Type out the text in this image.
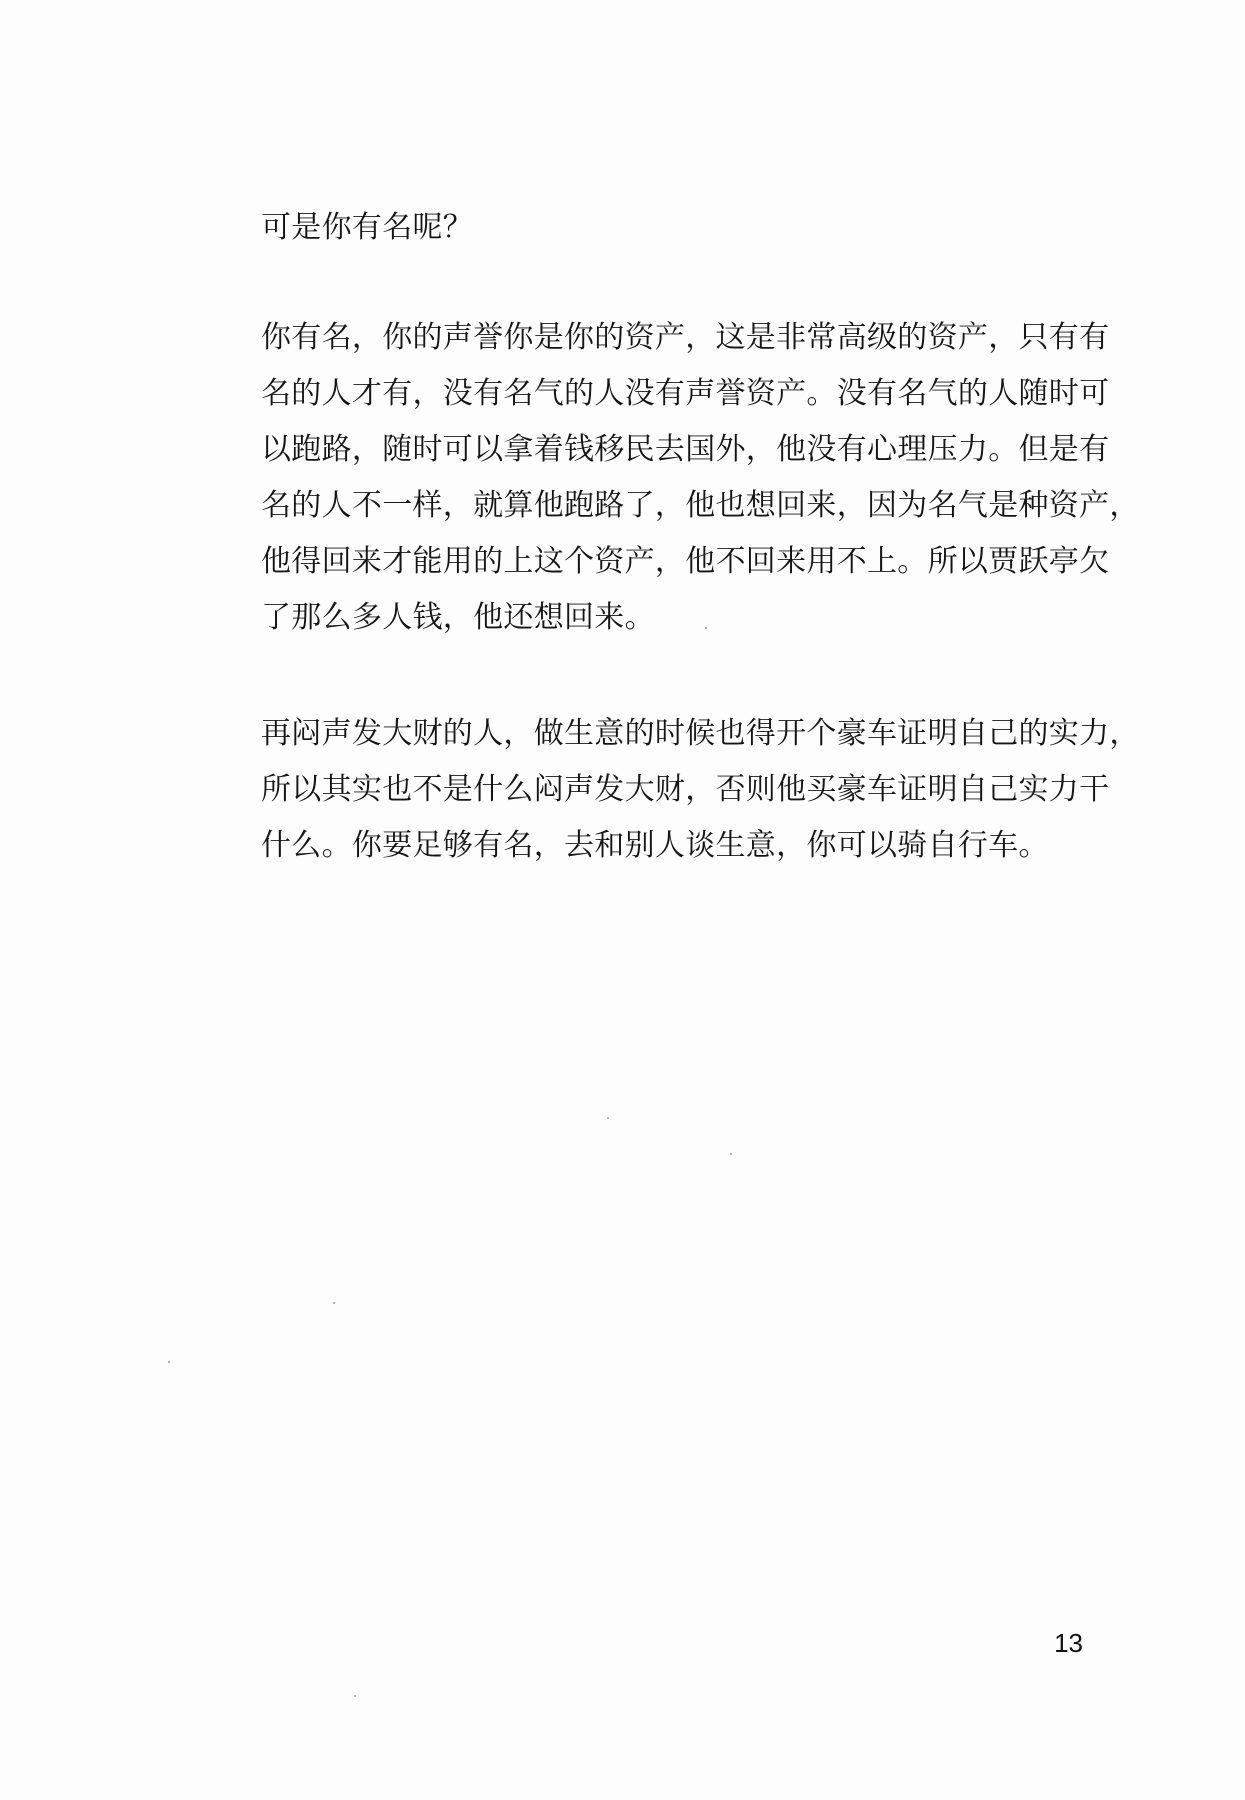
可是你有名呢？

你有名，你的声誉你是你的资产，这是非常高级的资产，只有有

名的人才有，没有名气的人没有声誉资产。没有名气的人随时可

以跑路，随时可以拿着钱移民去国外，他没有心理压力。但是有

名的人不一样，就算他跑路了，他也想回来，因为名气是种资产，

他得回来才能用的上这个资产，他不回来用不上。所以贾跃亭欠

了那么多人钱，他还想回来。

再闷声发大财的人，做生意的时候也得开个豪车证明自己的实力，

所以其实也不是什么闷声发大财，否则他买豪车证明自己实力干

什么。你要足够有名，去和别人谈生意，你可以骑自行车。

13
